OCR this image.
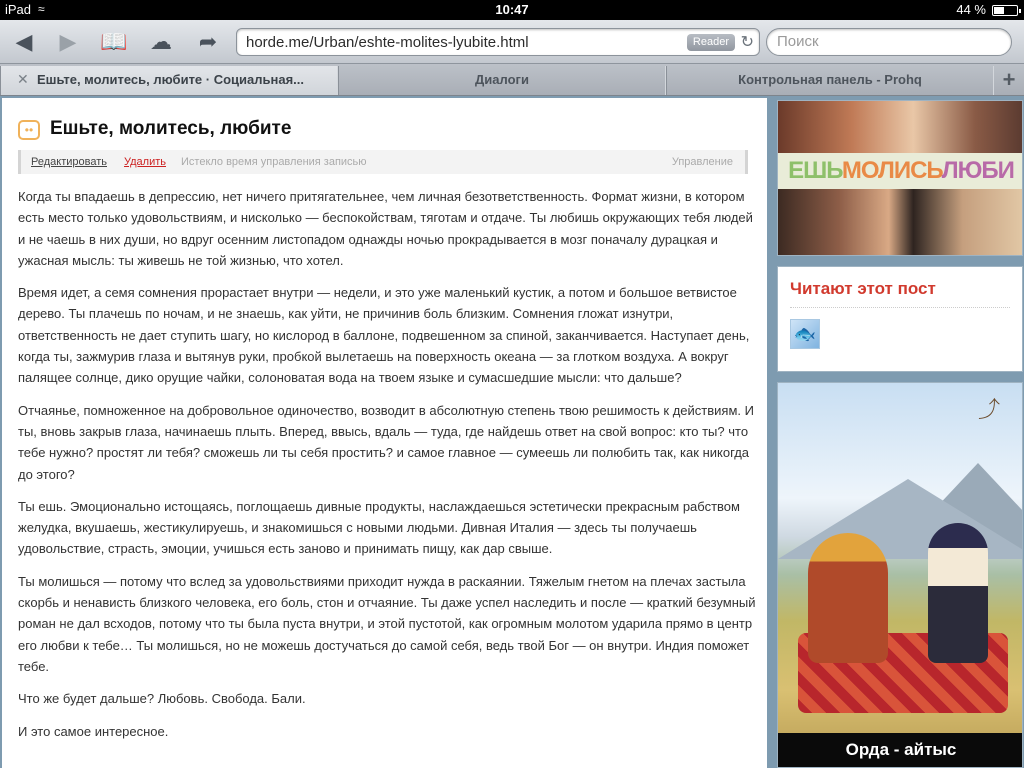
iPad ≈	10:47	44 %
◀	▶	📖 ☁	➦	horde.me/Urban/eshte-molites-lyubite.html	Reader ↻
Поиск
✕ Ешьте, молитесь, любите · Социальная...	Диалоги	Контрольная панель - Prohq	+
•• Ешьте, молитесь, любите
Редактировать Удалить Истекло время управления записью	Управление

Когда ты впадаешь в депрессию, нет ничего притягательнее, чем личная безответственность. Формат жизни, в котором есть место только удовольствиям, и нисколько — беспокойствам, тяготам и отдаче. Ты любишь окружающих тебя людей и не чаешь в них души, но вдруг осенним листопадом однажды ночью прокрадывается в мозг поначалу дурацкая и ужасная мысль: ты живешь не той жизнью, что хотел.

Время идет, а семя сомнения прорастает внутри — недели, и это уже маленький кустик, а потом и большое ветвистое дерево. Ты плачешь по ночам, и не знаешь, как уйти, не причинив боль близким. Сомнения гложат изнутри, ответственность не дает ступить шагу, но кислород в баллоне, подвешенном за спиной, заканчивается. Наступает день, когда ты, зажмурив глаза и вытянув руки, пробкой вылетаешь на поверхность океана — за глотком воздуха. А вокруг палящее солнце, дико орущие чайки, солоноватая вода на твоем языке и сумасшедшие мысли: что дальше?

Отчаянье, помноженное на добровольное одиночество, возводит в абсолютную степень твою решимость к действиям. И ты, вновь закрыв глаза, начинаешь плыть. Вперед, ввысь, вдаль — туда, где найдешь ответ на свой вопрос: кто ты? что тебе нужно? простят ли тебя? сможешь ли ты себя простить? и самое главное — сумеешь ли полюбить так, как никогда до этого?

Ты ешь. Эмоционально истощаясь, поглощаешь дивные продукты, наслаждаешься эстетически прекрасным рабством желудка, вкушаешь, жестикулируешь, и знакомишься с новыми людьми. Дивная Италия — здесь ты получаешь удовольствие, страсть, эмоции, учишься есть заново и принимать пищу, как дар свыше.

Ты молишься — потому что вслед за удовольствиями приходит нужда в раскаянии. Тяжелым гнетом на плечах застыла скорбь и ненависть близкого человека, его боль, стон и отчаяние. Ты даже успел наследить и после — краткий безумный роман не дал всходов, потому что ты была пуста внутри, и этой пустотой, как огромным молотом ударила прямо в центр его любви к тебе… Ты молишься, но не можешь достучаться до самой себя, ведь твой Бог — он внутри. Индия поможет тебе.

Что же будет дальше? Любовь. Свобода. Бали.

И это самое интересное.

ЕШЬМОЛИСЬЛЮБИ
Читают этот пост
🐟
⤴
Орда - айтыс
